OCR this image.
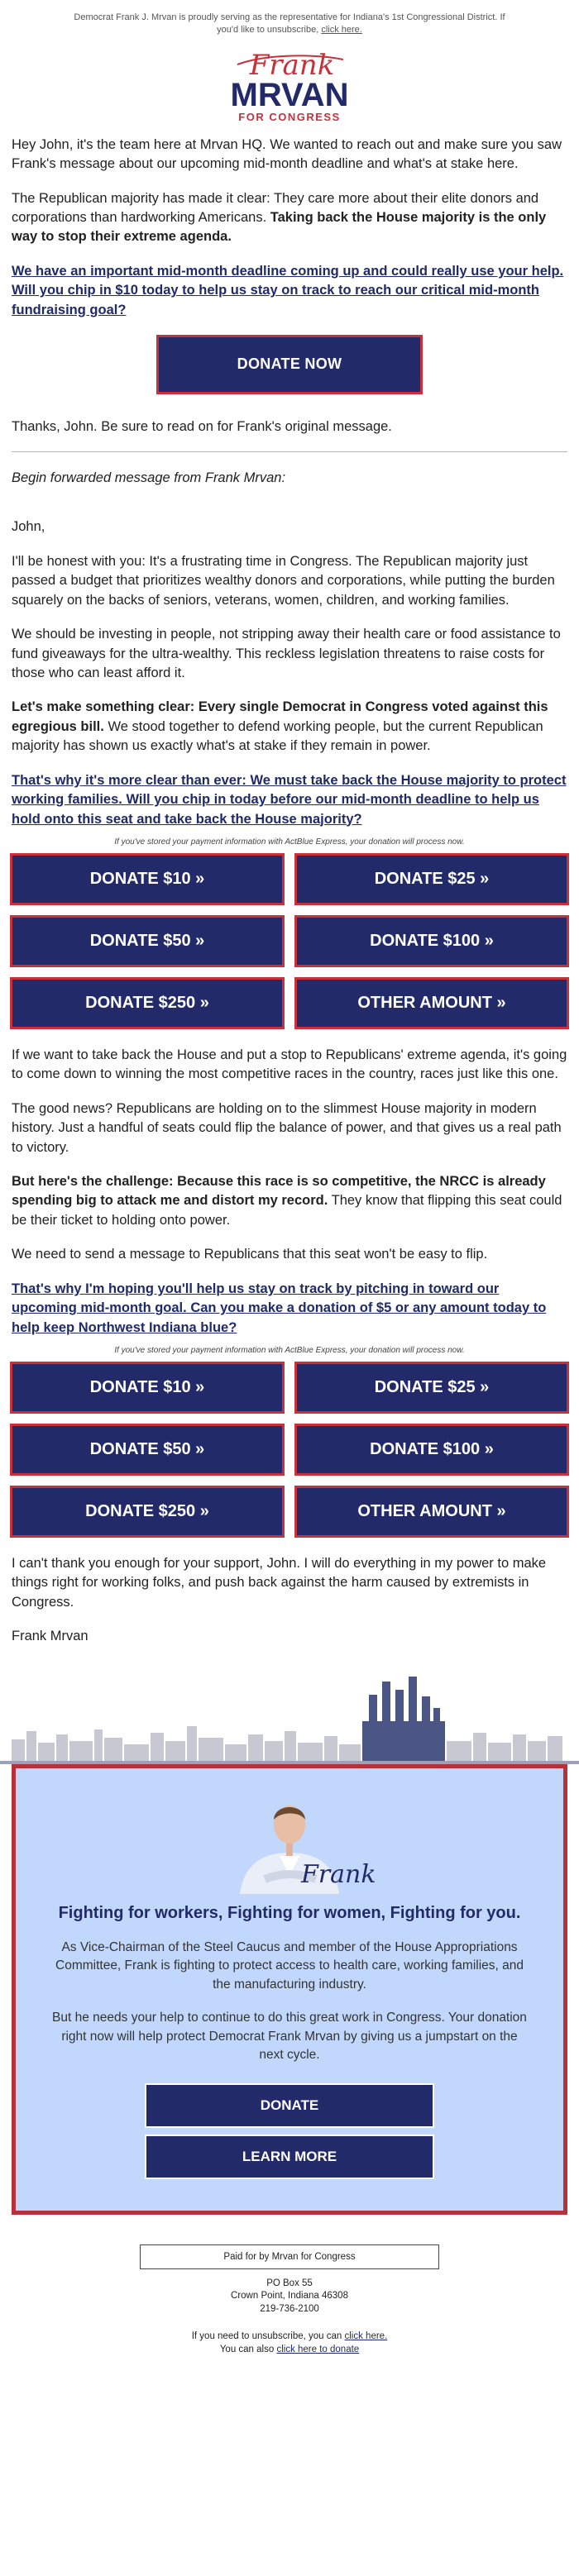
Democrat Frank J. Mrvan is proudly serving as the representative for Indiana's 1st Congressional District. If you'd like to unsubscribe, click here.
Frank
MRVAN
FOR CONGRESS

Hey John, it's the team here at Mrvan HQ. We wanted to reach out and make sure you saw Frank's message about our upcoming mid-month deadline and what's at stake here.

The Republican majority has made it clear: They care more about their elite donors and corporations than hardworking Americans. Taking back the House majority is the only way to stop their extreme agenda.

We have an important mid-month deadline coming up and could really use your help. Will you chip in $10 today to help us stay on track to reach our critical mid-month fundraising goal?

DONATE NOW

Thanks, John. Be sure to read on for Frank's original message.

Begin forwarded message from Frank Mrvan:

John,

I'll be honest with you: It's a frustrating time in Congress. The Republican majority just passed a budget that prioritizes wealthy donors and corporations, while putting the burden squarely on the backs of seniors, veterans, women, children, and working families.

We should be investing in people, not stripping away their health care or food assistance to fund giveaways for the ultra-wealthy. This reckless legislation threatens to raise costs for those who can least afford it.

Let's make something clear: Every single Democrat in Congress voted against this egregious bill. We stood together to defend working people, but the current Republican majority has shown us exactly what's at stake if they remain in power.

That's why it's more clear than ever: We must take back the House majority to protect working families. Will you chip in today before our mid-month deadline to help us hold onto this seat and take back the House majority?

If you've stored your payment information with ActBlue Express, your donation will process now.
DONATE $10 »	DONATE $25 »
DONATE $50 »	DONATE $100 »
DONATE $250 »	OTHER AMOUNT »

If we want to take back the House and put a stop to Republicans' extreme agenda, it's going to come down to winning the most competitive races in the country, races just like this one.

The good news? Republicans are holding on to the slimmest House majority in modern history. Just a handful of seats could flip the balance of power, and that gives us a real path to victory.

But here's the challenge: Because this race is so competitive, the NRCC is already spending big to attack me and distort my record. They know that flipping this seat could be their ticket to holding onto power.

We need to send a message to Republicans that this seat won't be easy to flip.

That's why I'm hoping you'll help us stay on track by pitching in toward our upcoming mid-month goal. Can you make a donation of $5 or any amount today to help keep Northwest Indiana blue?

If you've stored your payment information with ActBlue Express, your donation will process now.
DONATE $10 »	DONATE $25 »
DONATE $50 »	DONATE $100 »
DONATE $250 »	OTHER AMOUNT »

I can't thank you enough for your support, John. I will do everything in my power to make things right for working folks, and push back against the harm caused by extremists in Congress.

Frank Mrvan

Frank
Fighting for workers, Fighting for women, Fighting for you.

As Vice-Chairman of the Steel Caucus and member of the House Appropriations Committee, Frank is fighting to protect access to health care, working families, and the manufacturing industry.

But he needs your help to continue to do this great work in Congress. Your donation right now will help protect Democrat Frank Mrvan by giving us a jumpstart on the next cycle.

DONATE
LEARN MORE
Paid for by Mrvan for Congress
PO Box 55
Crown Point, Indiana 46308
219-736-2100
If you need to unsubscribe, you can click here.
You can also click here to donate
